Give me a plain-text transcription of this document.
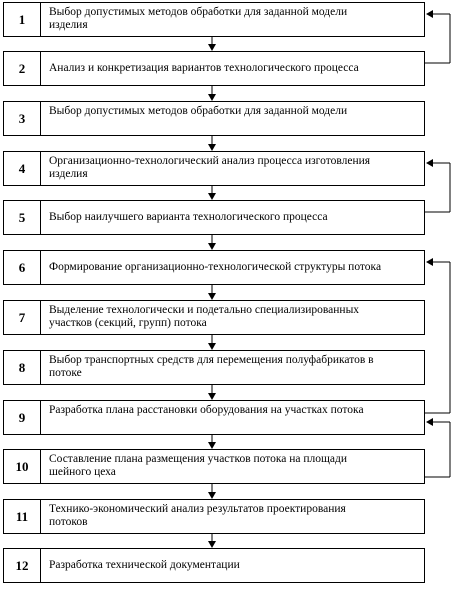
1	Выбор допустимых методов обработки для заданной модели
изделия
2	Анализ и конкретизация вариантов технологического процесса
3	Выбор допустимых методов обработки для заданной модели
4	Организационно-технологический анализ процесса изготовления
изделия
5	Выбор наилучшего варианта технологического процесса
6	Формирование организационно-технологической структуры потока
7	Выделение технологически и подетально специализированных
участков (секций, групп) потока
8	Выбор транспортных средств для перемещения полуфабрикатов в
потоке
9	Разработка плана расстановки оборудования на участках потока
10	Составление плана размещения участков потока на площади
шейного цеха
11	Технико-экономический анализ результатов проектирования
потоков
12	Разработка технической документации
